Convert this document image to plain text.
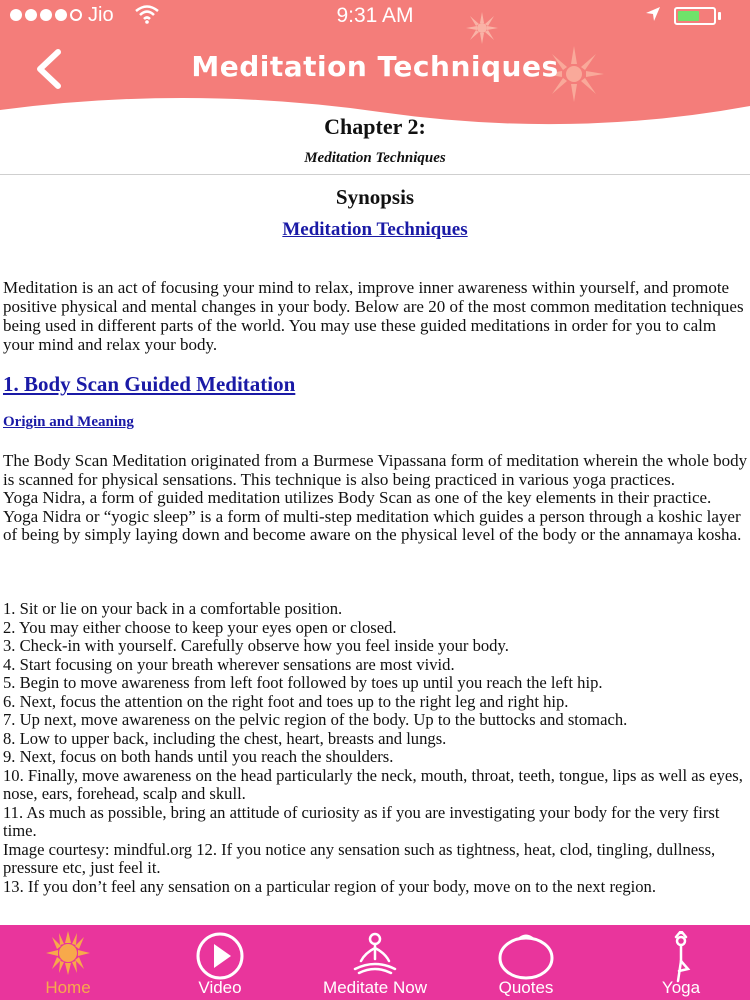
Jio	9:31 AM
Meditation Techniques
Chapter 2:
Meditation Techniques
Synopsis
Meditation Techniques

Meditation is an act of focusing your mind to relax, improve inner awareness within yourself, and promote positive physical and mental changes in your body. Below are 20 of the most common meditation techniques being used in different parts of the world. You may use these guided meditations in order for you to calm your mind and relax your body.

1. Body Scan Guided Meditation
Origin and Meaning

The Body Scan Meditation originated from a Burmese Vipassana form of meditation wherein the whole body is scanned for physical sensations. This technique is also being practiced in various yoga practices.

Yoga Nidra, a form of guided meditation utilizes Body Scan as one of the key elements in their practice. Yoga Nidra or “yogic sleep” is a form of multi-step meditation which guides a person through a koshic layer of being by simply laying down and become aware on the physical level of the body or the annamaya kosha.

1. Sit or lie on your back in a comfortable position.
2. You may either choose to keep your eyes open or closed.
3. Check-in with yourself. Carefully observe how you feel inside your body.
4. Start focusing on your breath wherever sensations are most vivid.
5. Begin to move awareness from left foot followed by toes up until you reach the left hip.
6. Next, focus the attention on the right foot and toes up to the right leg and right hip.
7. Up next, move awareness on the pelvic region of the body. Up to the buttocks and stomach.
8. Low to upper back, including the chest, heart, breasts and lungs.
9. Next, focus on both hands until you reach the shoulders.
10. Finally, move awareness on the head particularly the neck, mouth, throat, teeth, tongue, lips as well as eyes, nose, ears, forehead, scalp and skull.
11. As much as possible, bring an attitude of curiosity as if you are investigating your body for the very first time.
Image courtesy: mindful.org 12. If you notice any sensation such as tightness, heat, clod, tingling, dullness, pressure etc, just feel it.
13. If you don’t feel any sensation on a particular region of your body, move on to the next region.
Home	Video	Meditate Now	Quotes	Yoga
